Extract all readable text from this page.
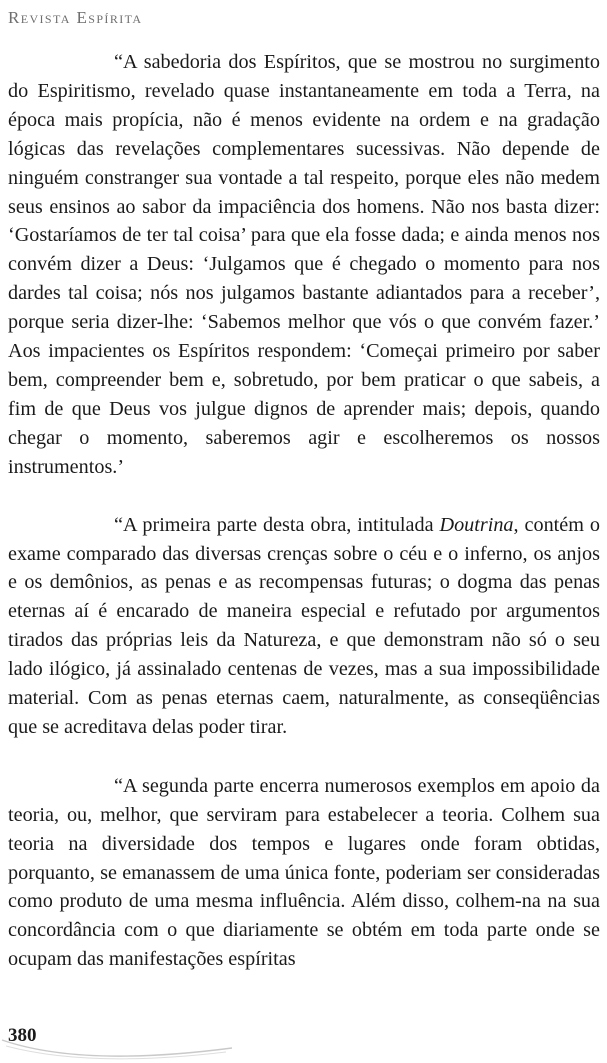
Revista Espírita

“A sabedoria dos Espíritos, que se mostrou no surgimento do Espiritismo, revelado quase instantaneamente em toda a Terra, na época mais propícia, não é menos evidente na ordem e na gradação lógicas das revelações complementares sucessivas. Não depende de ninguém constranger sua vontade a tal respeito, porque eles não medem seus ensinos ao sabor da impaciência dos homens. Não nos basta dizer: ‘Gostaríamos de ter tal coisa’ para que ela fosse dada; e ainda menos nos convém dizer a Deus: ‘Julgamos que é chegado o momento para nos dardes tal coisa; nós nos julgamos bastante adiantados para a receber’, porque seria dizer-lhe: ‘Sabemos melhor que vós o que convém fazer.’ Aos impacientes os Espíritos respondem: ‘Começai primeiro por saber bem, compreender bem e, sobretudo, por bem praticar o que sabeis, a fim de que Deus vos julgue dignos de aprender mais; depois, quando chegar o momento, saberemos agir e escolheremos os nossos instrumentos.’

“A primeira parte desta obra, intitulada Doutrina, contém o exame comparado das diversas crenças sobre o céu e o inferno, os anjos e os demônios, as penas e as recompensas futuras; o dogma das penas eternas aí é encarado de maneira especial e refutado por argumentos tirados das próprias leis da Natureza, e que demonstram não só o seu lado ilógico, já assinalado centenas de vezes, mas a sua impossibilidade material. Com as penas eternas caem, naturalmente, as conseqüências que se acreditava delas poder tirar.

“A segunda parte encerra numerosos exemplos em apoio da teoria, ou, melhor, que serviram para estabelecer a teoria. Colhem sua teoria na diversidade dos tempos e lugares onde foram obtidas, porquanto, se emanassem de uma única fonte, poderiam ser consideradas como produto de uma mesma influência. Além disso, colhem-na na sua concordância com o que diariamente se obtém em toda parte onde se ocupam das manifestações espíritas

380
